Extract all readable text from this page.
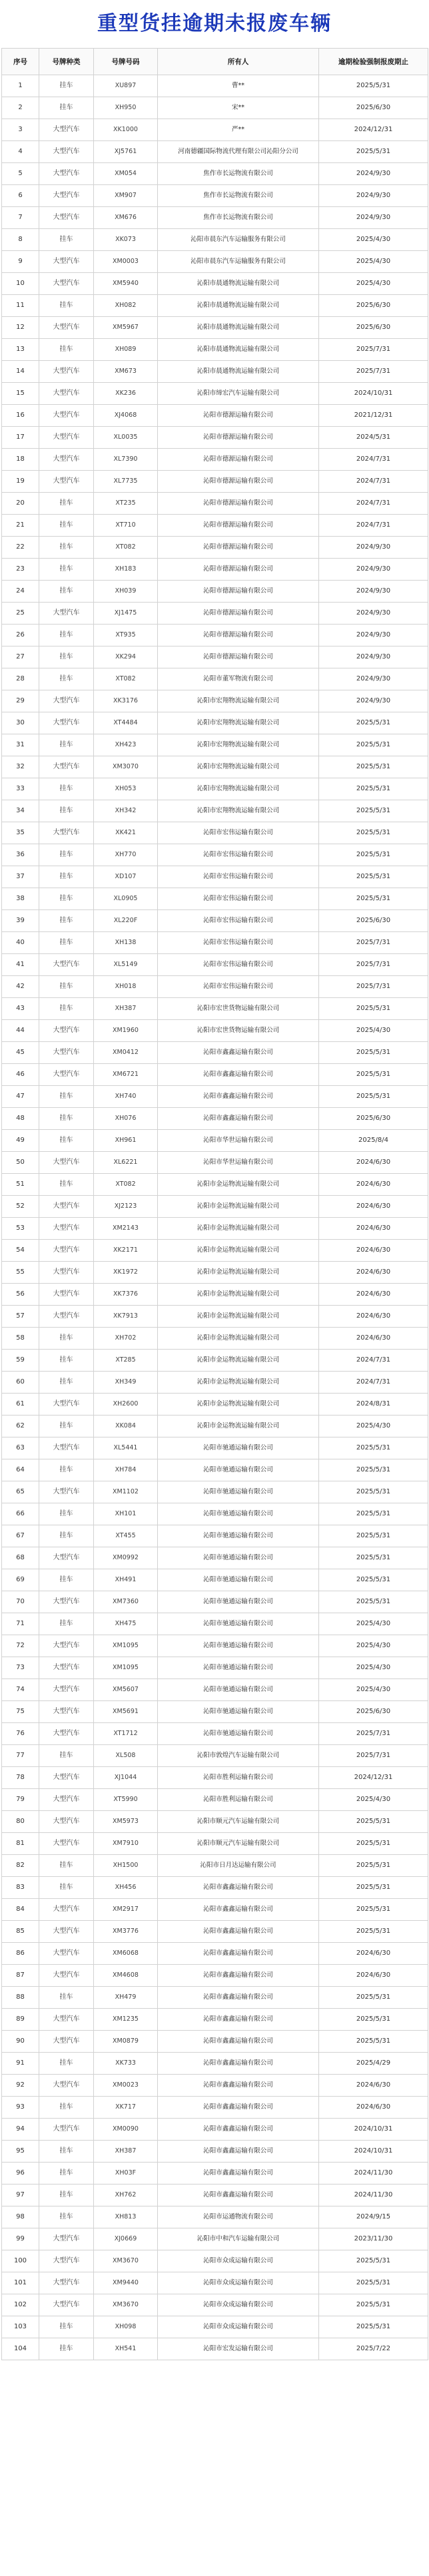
重型货挂逾期未报废车辆
序号	号牌种类	号牌号码	所有人	逾期检验强制报废期止
1	挂车	XU897	曹**	2025/5/31
2	挂车	XH950	宋**	2025/6/30
3	大型汽车	XK1000	严**	2024/12/31
4	大型汽车	XJ5761	河南德疆国际物流代理有限公司沁阳分公司	2025/5/31
5	大型汽车	XM054	焦作市长运物流有限公司	2024/9/30
6	大型汽车	XM907	焦作市长运物流有限公司	2024/9/30
7	大型汽车	XM676	焦作市长运物流有限公司	2024/9/30
8	挂车	XK073	沁阳市晨东汽车运输服务有限公司	2025/4/30
9	大型汽车	XM0003	沁阳市晨东汽车运输服务有限公司	2025/4/30
10	大型汽车	XM5940	沁阳市晨通物流运输有限公司	2025/4/30
11	挂车	XH082	沁阳市晨通物流运输有限公司	2025/6/30
12	大型汽车	XM5967	沁阳市晨通物流运输有限公司	2025/6/30
13	挂车	XH089	沁阳市晨通物流运输有限公司	2025/7/31
14	大型汽车	XM673	沁阳市晨通物流运输有限公司	2025/7/31
15	大型汽车	XK236	沁阳市缔宏汽车运输有限公司	2024/10/31
16	大型汽车	XJ4068	沁阳市德源运输有限公司	2021/12/31
17	大型汽车	XL0035	沁阳市德源运输有限公司	2024/5/31
18	大型汽车	XL7390	沁阳市德源运输有限公司	2024/7/31
19	大型汽车	XL7735	沁阳市德源运输有限公司	2024/7/31
20	挂车	XT235	沁阳市德源运输有限公司	2024/7/31
21	挂车	XT710	沁阳市德源运输有限公司	2024/7/31
22	挂车	XT082	沁阳市德源运输有限公司	2024/9/30
23	挂车	XH183	沁阳市德源运输有限公司	2024/9/30
24	挂车	XH039	沁阳市德源运输有限公司	2024/9/30
25	大型汽车	XJ1475	沁阳市德源运输有限公司	2024/9/30
26	挂车	XT935	沁阳市德源运输有限公司	2024/9/30
27	挂车	XK294	沁阳市德源运输有限公司	2024/9/30
28	挂车	XT082	沁阳市董军物流有限公司	2024/9/30
29	大型汽车	XK3176	沁阳市宏翔物流运输有限公司	2024/9/30
30	大型汽车	XT4484	沁阳市宏翔物流运输有限公司	2025/5/31
31	挂车	XH423	沁阳市宏翔物流运输有限公司	2025/5/31
32	大型汽车	XM3070	沁阳市宏翔物流运输有限公司	2025/5/31
33	挂车	XH053	沁阳市宏翔物流运输有限公司	2025/5/31
34	挂车	XH342	沁阳市宏翔物流运输有限公司	2025/5/31
35	大型汽车	XK421	沁阳市宏伟运输有限公司	2025/5/31
36	挂车	XH770	沁阳市宏伟运输有限公司	2025/5/31
37	挂车	XD107	沁阳市宏伟运输有限公司	2025/5/31
38	挂车	XL0905	沁阳市宏伟运输有限公司	2025/5/31
39	挂车	XL220F	沁阳市宏伟运输有限公司	2025/6/30
40	挂车	XH138	沁阳市宏伟运输有限公司	2025/7/31
41	大型汽车	XL5149	沁阳市宏伟运输有限公司	2025/7/31
42	挂车	XH018	沁阳市宏伟运输有限公司	2025/7/31
43	挂车	XH387	沁阳市宏世货物运输有限公司	2025/5/31
44	大型汽车	XM1960	沁阳市宏世货物运输有限公司	2025/4/30
45	大型汽车	XM0412	沁阳市鑫鑫运输有限公司	2025/5/31
46	大型汽车	XM6721	沁阳市鑫鑫运输有限公司	2025/5/31
47	挂车	XH740	沁阳市鑫鑫运输有限公司	2025/5/31
48	挂车	XH076	沁阳市鑫鑫运输有限公司	2025/6/30
49	挂车	XH961	沁阳市华世运输有限公司	2025/8/4
50	大型汽车	XL6221	沁阳市华世运输有限公司	2024/6/30
51	挂车	XT082	沁阳市金运物流运输有限公司	2024/6/30
52	大型汽车	XJ2123	沁阳市金运物流运输有限公司	2024/6/30
53	大型汽车	XM2143	沁阳市金运物流运输有限公司	2024/6/30
54	大型汽车	XK2171	沁阳市金运物流运输有限公司	2024/6/30
55	大型汽车	XK1972	沁阳市金运物流运输有限公司	2024/6/30
56	大型汽车	XK7376	沁阳市金运物流运输有限公司	2024/6/30
57	大型汽车	XK7913	沁阳市金运物流运输有限公司	2024/6/30
58	挂车	XH702	沁阳市金运物流运输有限公司	2024/6/30
59	挂车	XT285	沁阳市金运物流运输有限公司	2024/7/31
60	挂车	XH349	沁阳市金运物流运输有限公司	2024/7/31
61	大型汽车	XH2600	沁阳市金运物流运输有限公司	2024/8/31
62	挂车	XK084	沁阳市金运物流运输有限公司	2025/4/30
63	大型汽车	XL5441	沁阳市驰通运输有限公司	2025/5/31
64	挂车	XH784	沁阳市驰通运输有限公司	2025/5/31
65	大型汽车	XM1102	沁阳市驰通运输有限公司	2025/5/31
66	挂车	XH101	沁阳市驰通运输有限公司	2025/5/31
67	挂车	XT455	沁阳市驰通运输有限公司	2025/5/31
68	大型汽车	XM0992	沁阳市驰通运输有限公司	2025/5/31
69	挂车	XH491	沁阳市驰通运输有限公司	2025/5/31
70	大型汽车	XM7360	沁阳市驰通运输有限公司	2025/5/31
71	挂车	XH475	沁阳市驰通运输有限公司	2025/4/30
72	大型汽车	XM1095	沁阳市驰通运输有限公司	2025/4/30
73	大型汽车	XM1095	沁阳市驰通运输有限公司	2025/4/30
74	大型汽车	XM5607	沁阳市驰通运输有限公司	2025/4/30
75	大型汽车	XM5691	沁阳市驰通运输有限公司	2025/6/30
76	大型汽车	XT1712	沁阳市驰通运输有限公司	2025/7/31
77	挂车	XL508	沁阳市敦煌汽车运输有限公司	2025/7/31
78	大型汽车	XJ1044	沁阳市胜利运输有限公司	2024/12/31
79	大型汽车	XT5990	沁阳市胜利运输有限公司	2025/4/30
80	大型汽车	XM5973	沁阳市顺元汽车运输有限公司	2025/5/31
81	大型汽车	XM7910	沁阳市顺元汽车运输有限公司	2025/5/31
82	挂车	XH1500	沁阳市日月达运输有限公司	2025/5/31
83	挂车	XH456	沁阳市鑫鑫运输有限公司	2025/5/31
84	大型汽车	XM2917	沁阳市鑫鑫运输有限公司	2025/5/31
85	大型汽车	XM3776	沁阳市鑫鑫运输有限公司	2025/5/31
86	大型汽车	XM6068	沁阳市鑫鑫运输有限公司	2024/6/30
87	大型汽车	XM4608	沁阳市鑫鑫运输有限公司	2024/6/30
88	挂车	XH479	沁阳市鑫鑫运输有限公司	2025/5/31
89	大型汽车	XM1235	沁阳市鑫鑫运输有限公司	2025/5/31
90	大型汽车	XM0879	沁阳市鑫鑫运输有限公司	2025/5/31
91	挂车	XK733	沁阳市鑫鑫运输有限公司	2025/4/29
92	大型汽车	XM0023	沁阳市鑫鑫运输有限公司	2024/6/30
93	挂车	XK717	沁阳市鑫鑫运输有限公司	2024/6/30
94	大型汽车	XM0090	沁阳市鑫鑫运输有限公司	2024/10/31
95	挂车	XH387	沁阳市鑫鑫运输有限公司	2024/10/31
96	挂车	XH03F	沁阳市鑫鑫运输有限公司	2024/11/30
97	挂车	XH762	沁阳市鑫鑫运输有限公司	2024/11/30
98	挂车	XH813	沁阳市运通物流有限公司	2024/9/15
99	大型汽车	XJ0669	沁阳市中和汽车运输有限公司	2023/11/30
100	大型汽车	XM3670	沁阳市众成运输有限公司	2025/5/31
101	大型汽车	XM9440	沁阳市众成运输有限公司	2025/5/31
102	大型汽车	XM3670	沁阳市众成运输有限公司	2025/5/31
103	挂车	XH098	沁阳市众成运输有限公司	2025/5/31
104	挂车	XH541	沁阳市宏发运输有限公司	2025/7/22
